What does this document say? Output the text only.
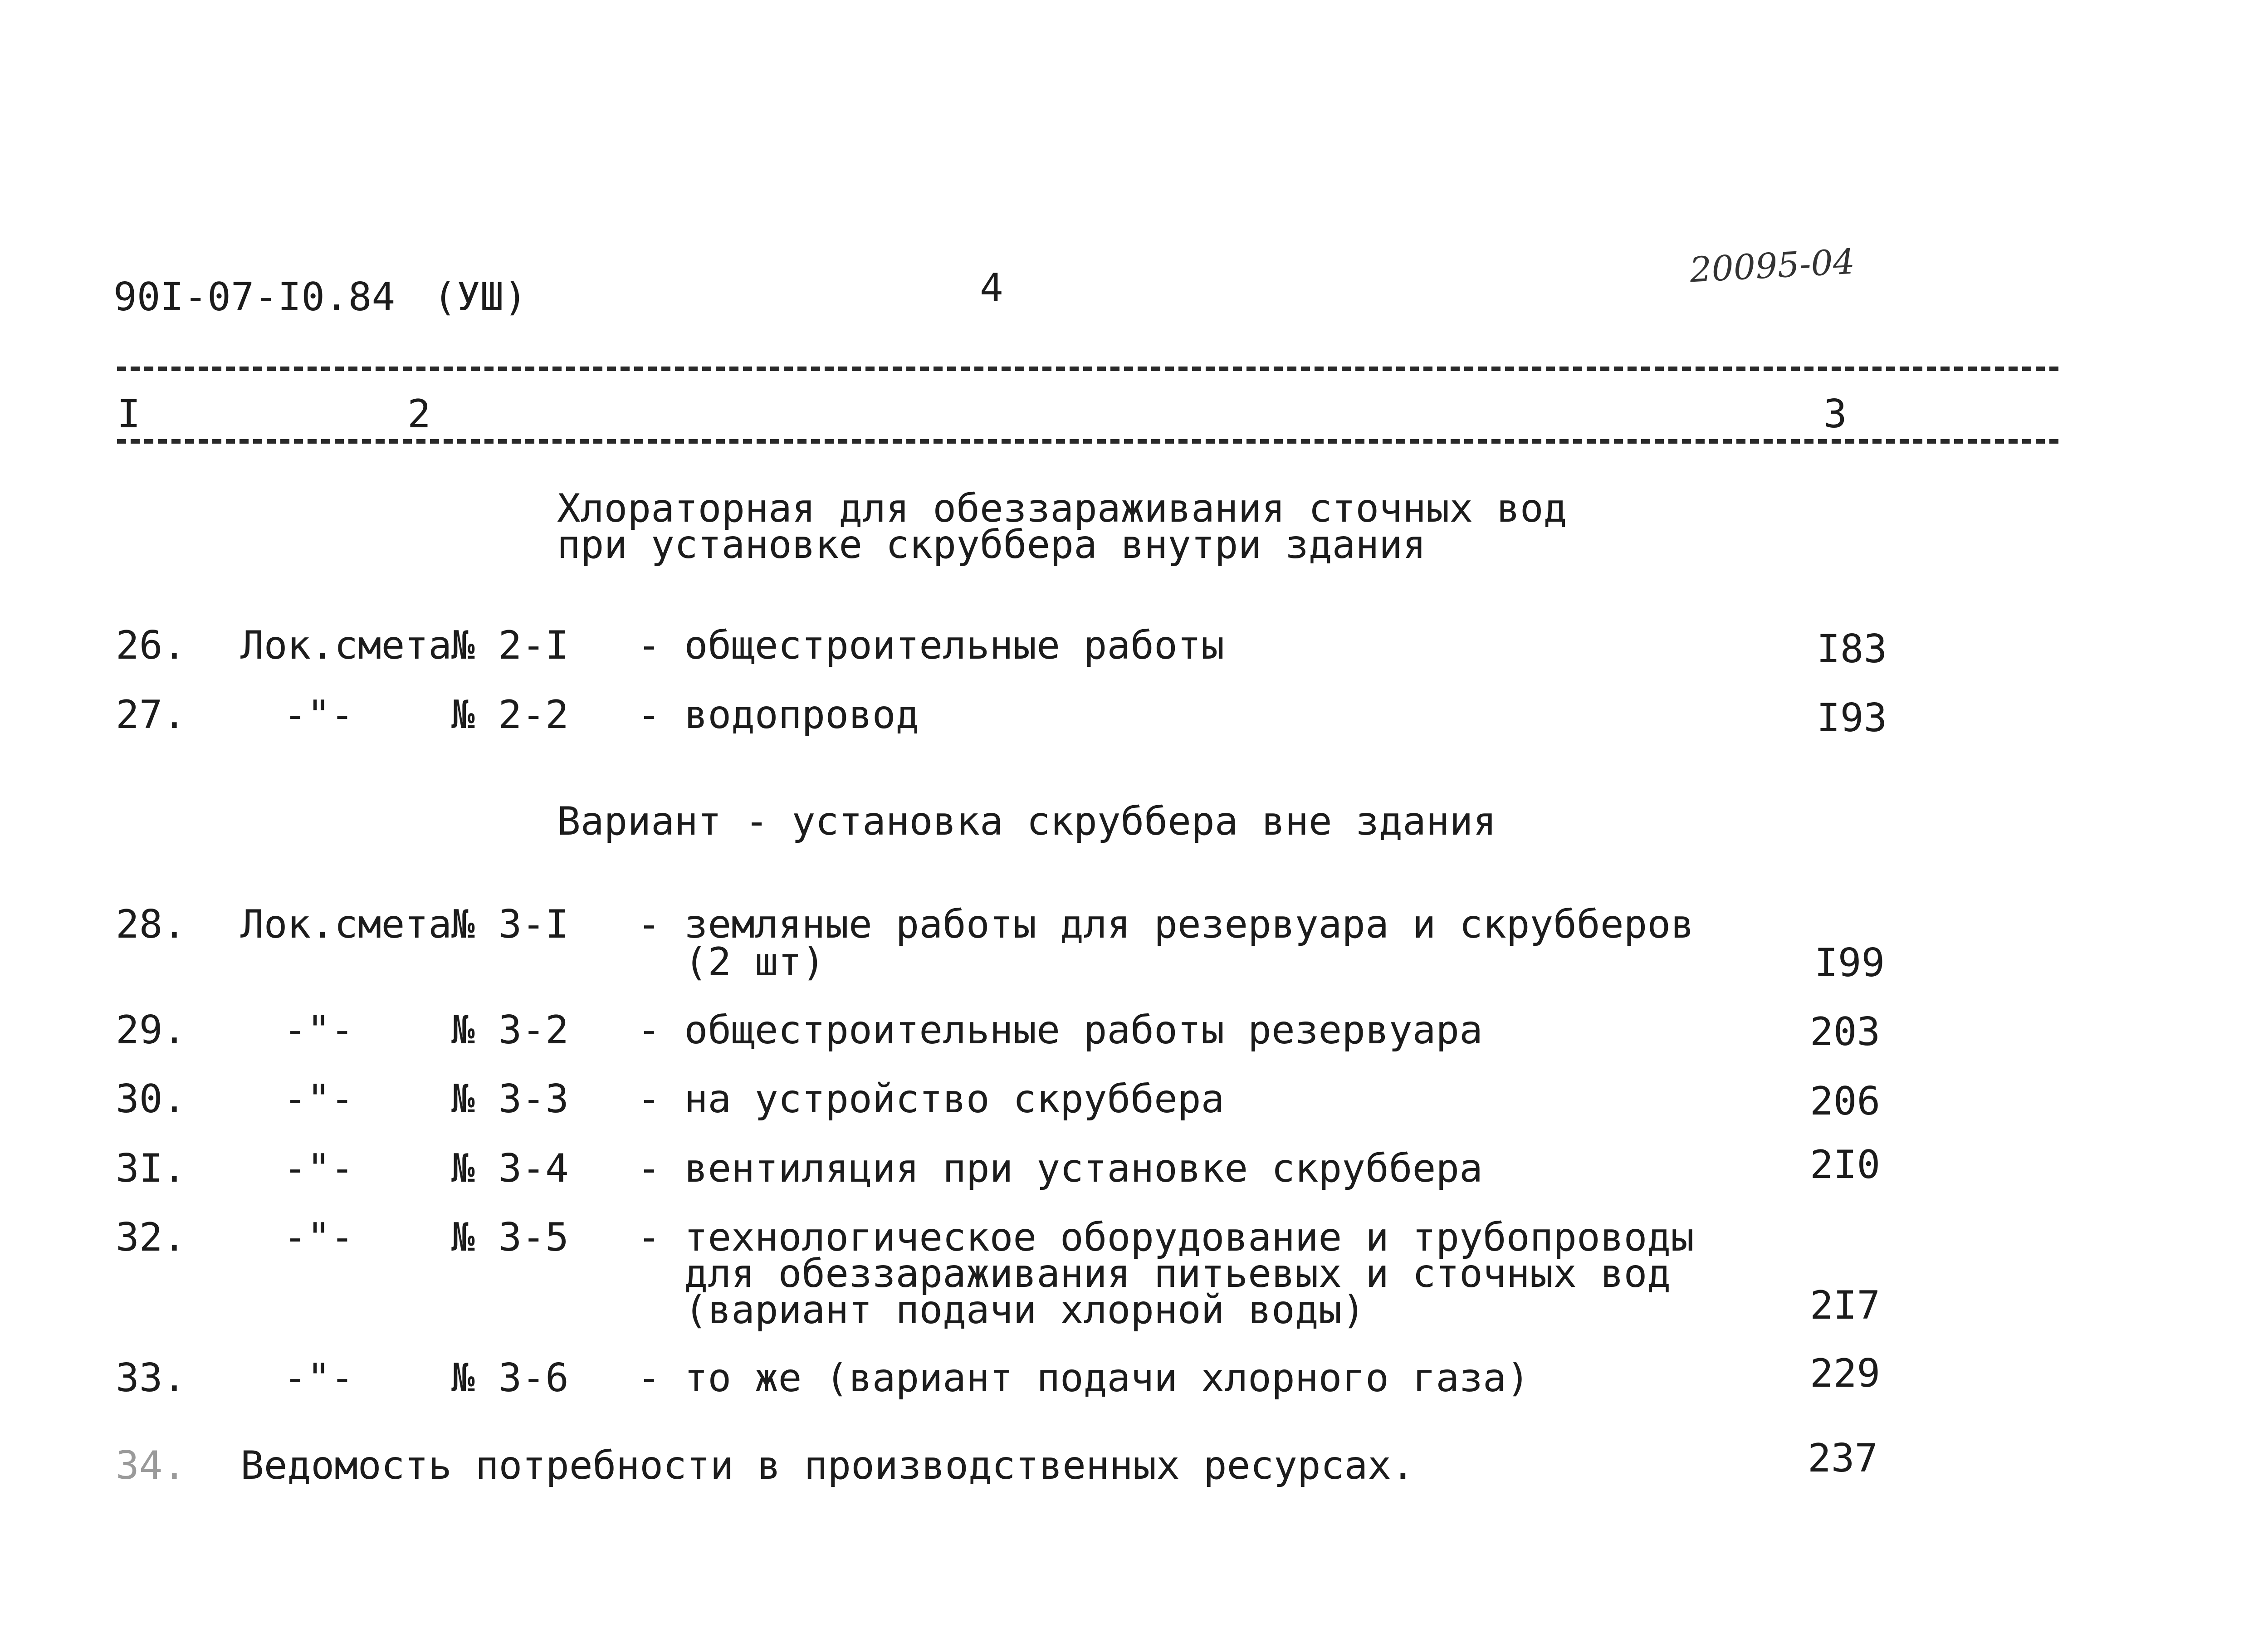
90I-07-I0.84 (УШ)	4	20095-04
I	2	3
Хлораторная для обеззараживания сточных вод
при установке скрубберa внутри здания
26. Лок.смета № 2-I - общестроительные работы	I83
27. -"- № 2-2 - водопровод	I93
Вариант - установка скруббера вне здания
28. Лок.смета № 3-I - земляные работы для резервуара и скрубберов
(2 шт)	I99
29. -"- № 3-2 - общестроительные работы резервуара	203
30. -"- № 3-3 - на устройство скруббера	206
3I. -"- № 3-4 - вентиляция при установке скруббера	2I0
32. -"- № 3-5 - технологическое оборудование и трубопроводы
для обеззараживания питьевых и сточных вод
(вариант подачи хлорной воды)	2I7
33. -"- № 3-6 - то же (вариант подачи хлорного газа)	229
34. Ведомость потребности в производственных ресурсах.	237
